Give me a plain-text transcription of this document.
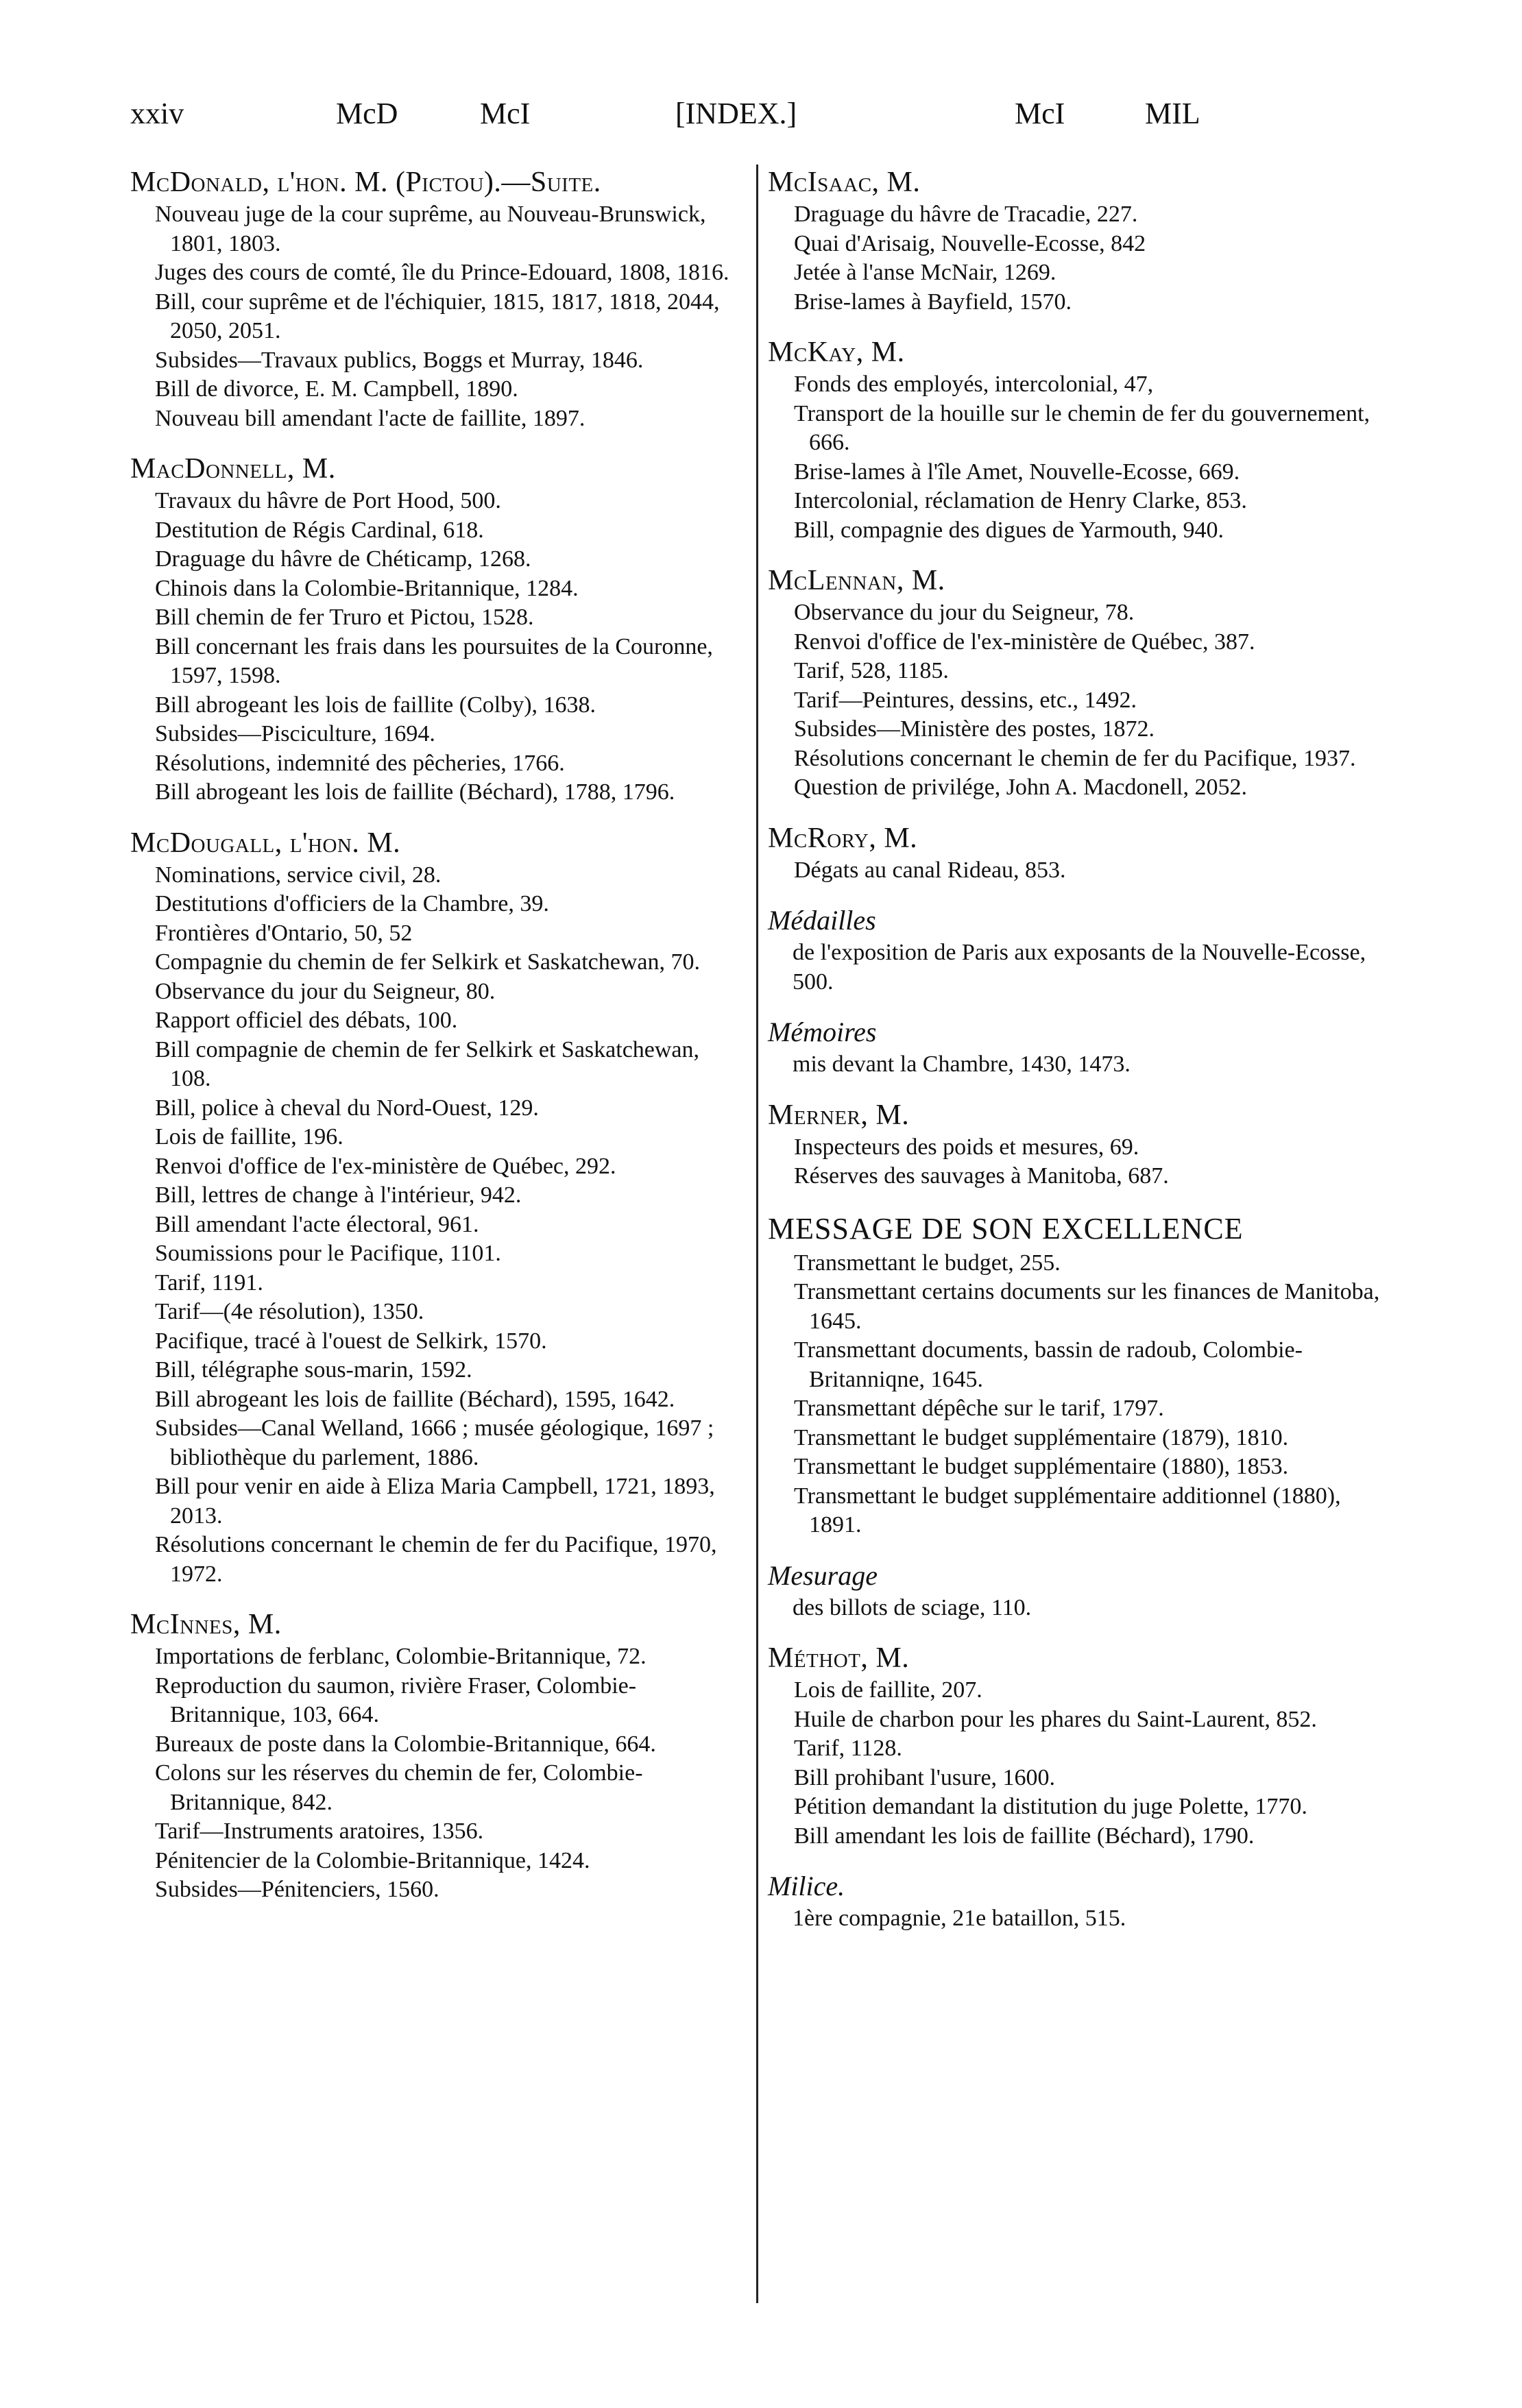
xxiv	McD	McI	[INDEX.]	McI	MIL
McDonald, l'hon. M. (Pictou).—Suite.
Nouveau juge de la cour suprême, au Nouveau-Brunswick, 1801, 1803.
Juges des cours de comté, île du Prince-Edouard, 1808, 1816.
Bill, cour suprême et de l'échiquier, 1815, 1817, 1818, 2044, 2050, 2051.
Subsides—Travaux publics, Boggs et Murray, 1846.
Bill de divorce, E. M. Campbell, 1890.
Nouveau bill amendant l'acte de faillite, 1897.
MacDonnell, M.
Travaux du hâvre de Port Hood, 500.
Destitution de Régis Cardinal, 618.
Draguage du hâvre de Chéticamp, 1268.
Chinois dans la Colombie-Britannique, 1284.
Bill chemin de fer Truro et Pictou, 1528.
Bill concernant les frais dans les poursuites de la Couronne, 1597, 1598.
Bill abrogeant les lois de faillite (Colby), 1638.
Subsides—Pisciculture, 1694.
Résolutions, indemnité des pêcheries, 1766.
Bill abrogeant les lois de faillite (Béchard), 1788, 1796.
McDougall, l'hon. M.
Nominations, service civil, 28.
Destitutions d'officiers de la Chambre, 39.
Frontières d'Ontario, 50, 52
Compagnie du chemin de fer Selkirk et Saskatchewan, 70.
Observance du jour du Seigneur, 80.
Rapport officiel des débats, 100.
Bill compagnie de chemin de fer Selkirk et Saskatchewan, 108.
Bill, police à cheval du Nord-Ouest, 129.
Lois de faillite, 196.
Renvoi d'office de l'ex-ministère de Québec, 292.
Bill, lettres de change à l'intérieur, 942.
Bill amendant l'acte électoral, 961.
Soumissions pour le Pacifique, 1101.
Tarif, 1191.
Tarif—(4e résolution), 1350.
Pacifique, tracé à l'ouest de Selkirk, 1570.
Bill, télégraphe sous-marin, 1592.
Bill abrogeant les lois de faillite (Béchard), 1595, 1642.
Subsides—Canal Welland, 1666 ; musée géologique, 1697 ; bibliothèque du parlement, 1886.
Bill pour venir en aide à Eliza Maria Campbell, 1721, 1893, 2013.
Résolutions concernant le chemin de fer du Pacifique, 1970, 1972.
McInnes, M.
Importations de ferblanc, Colombie-Britannique, 72.
Reproduction du saumon, rivière Fraser, Colombie-Britannique, 103, 664.
Bureaux de poste dans la Colombie-Britannique, 664.
Colons sur les réserves du chemin de fer, Colombie-Britannique, 842.
Tarif—Instruments aratoires, 1356.
Pénitencier de la Colombie-Britannique, 1424.
Subsides—Pénitenciers, 1560.
McIsaac, M.
Draguage du hâvre de Tracadie, 227.
Quai d'Arisaig, Nouvelle-Ecosse, 842
Jetée à l'anse McNair, 1269.
Brise-lames à Bayfield, 1570.
McKay, M.
Fonds des employés, intercolonial, 47,
Transport de la houille sur le chemin de fer du gouvernement, 666.
Brise-lames à l'île Amet, Nouvelle-Ecosse, 669.
Intercolonial, réclamation de Henry Clarke, 853.
Bill, compagnie des digues de Yarmouth, 940.
McLennan, M.
Observance du jour du Seigneur, 78.
Renvoi d'office de l'ex-ministère de Québec, 387.
Tarif, 528, 1185.
Tarif—Peintures, dessins, etc., 1492.
Subsides—Ministère des postes, 1872.
Résolutions concernant le chemin de fer du Pacifique, 1937.
Question de privilége, John A. Macdonell, 2052.
McRory, M.
Dégats au canal Rideau, 853.
Médailles
de l'exposition de Paris aux exposants de la Nouvelle-Ecosse, 500.
Mémoires
mis devant la Chambre, 1430, 1473.
Merner, M.
Inspecteurs des poids et mesures, 69.
Réserves des sauvages à Manitoba, 687.
MESSAGE DE SON EXCELLENCE
Transmettant le budget, 255.
Transmettant certains documents sur les finances de Manitoba, 1645.
Transmettant documents, bassin de radoub, Colombie-Britanniqne, 1645.
Transmettant dépêche sur le tarif, 1797.
Transmettant le budget supplémentaire (1879), 1810.
Transmettant le budget supplémentaire (1880), 1853.
Transmettant le budget supplémentaire additionnel (1880), 1891.
Mesurage
des billots de sciage, 110.
Méthot, M.
Lois de faillite, 207.
Huile de charbon pour les phares du Saint-Laurent, 852.
Tarif, 1128.
Bill prohibant l'usure, 1600.
Pétition demandant la distitution du juge Polette, 1770.
Bill amendant les lois de faillite (Béchard), 1790.
Milice.
1ère compagnie, 21e bataillon, 515.
